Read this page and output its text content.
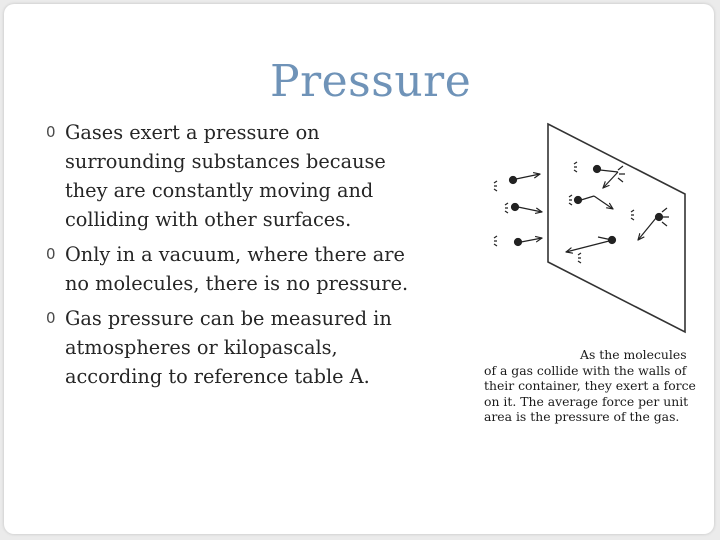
Pressure
0 Gases exert a pressure on surrounding substances because they are constantly moving and colliding with other surfaces.
0 Only in a vacuum, where there are no molecules, there is no pressure.
0 Gas pressure can be measured in atmospheres or kilopascals, according to reference table A.
As the molecules
of a gas collide with the walls of
their container, they exert a force
on it. The average force per unit
area is the pressure of the gas.
